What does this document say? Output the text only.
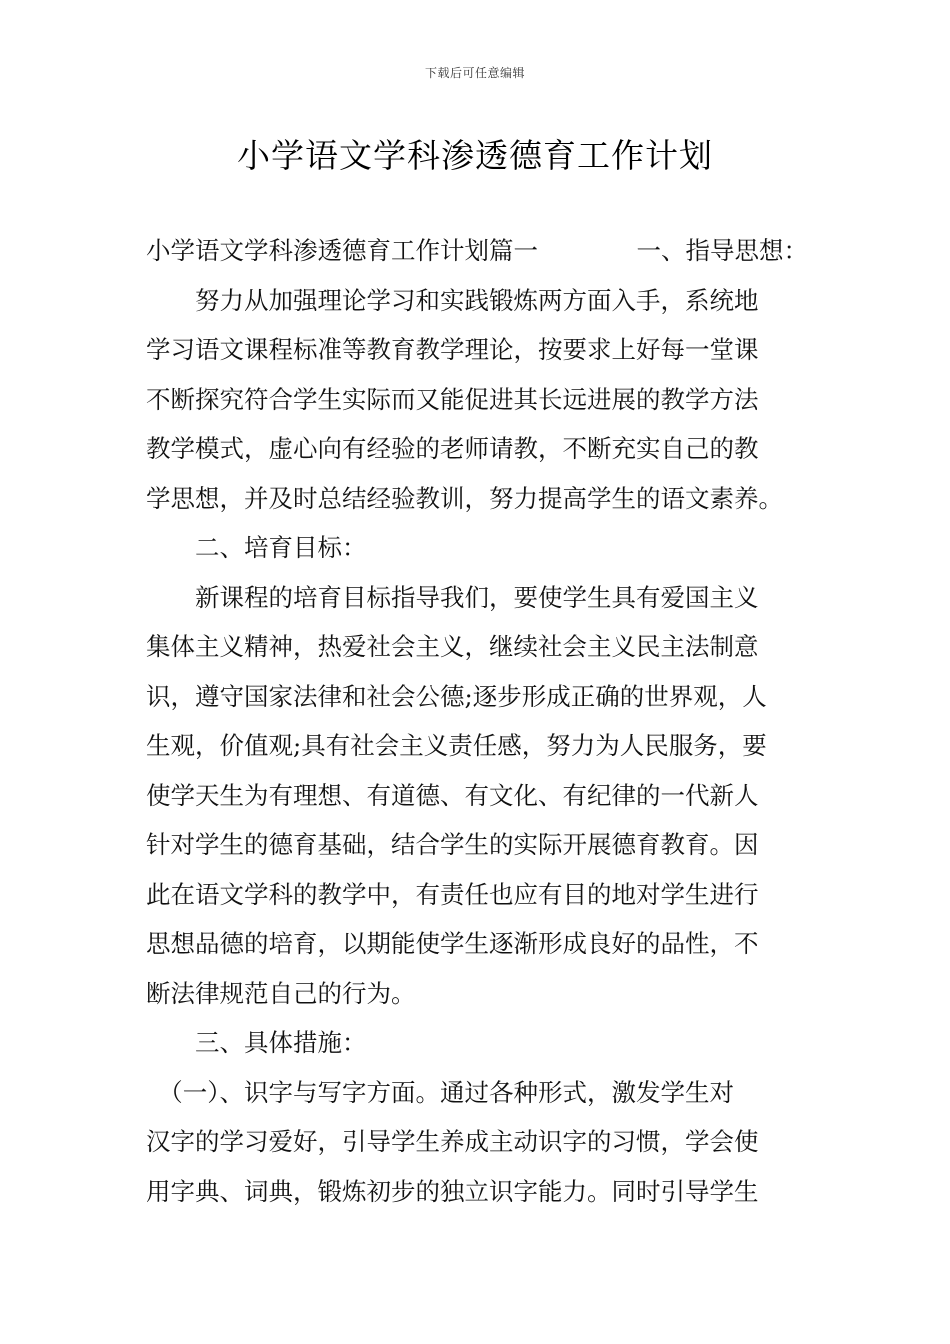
下载后可任意编辑
小学语文学科渗透德育工作计划
小学语文学科渗透德育工作计划篇一	一、指导思想：
　　努力从加强理论学习和实践锻炼两方面入手，系统地
学习语文课程标准等教育教学理论，按要求上好每一堂课
不断探究符合学生实际而又能促进其长远进展的教学方法
教学模式，虚心向有经验的老师请教，不断充实自己的教
学思想，并及时总结经验教训，努力提高学生的语文素养。
　　二、培育目标：
　　新课程的培育目标指导我们，要使学生具有爱国主义
集体主义精神，热爱社会主义，继续社会主义民主法制意
识，遵守国家法律和社会公德;逐步形成正确的世界观，人
生观，价值观;具有社会主义责任感，努力为人民服务，要
使学天生为有理想、有道德、有文化、有纪律的一代新人
针对学生的德育基础，结合学生的实际开展德育教育。因
此在语文学科的教学中，有责任也应有目的地对学生进行
思想品德的培育，以期能使学生逐渐形成良好的品性，不
断法律规范自己的行为。
　　三、具体措施：
　（一）、识字与写字方面。通过各种形式，激发学生对
汉字的学习爱好，引导学生养成主动识字的习惯，学会使
用字典、词典，锻炼初步的独立识字能力。同时引导学生
